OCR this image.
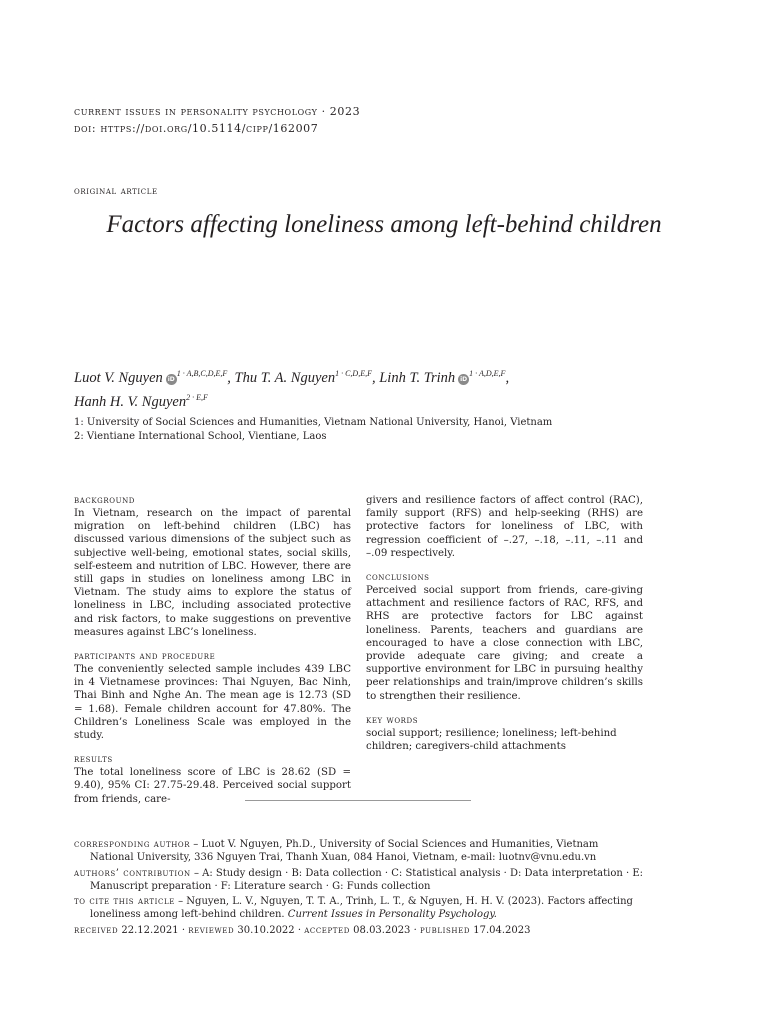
current issues in personality psychology · 2023
doi: https://doi.org/10.5114/cipp/162007
original article
Factors affecting loneliness among left-behind children
Luot V. Nguyen $iD^{1 \cdot A,B,C,D,E,F}$, Thu T. A. Nguyen$^{1 \cdot C,D,E,F}$, Linh T. Trinh $iD^{1 \cdot A,D,E,F}$,
Hanh H. V. Nguyen$^{2 \cdot E,F}$
1: University of Social Sciences and Humanities, Vietnam National University, Hanoi, Vietnam
2: Vientiane International School, Vientiane, Laos
background

In Vietnam, research on the impact of parental migration on left-behind children (LBC) has discussed various dimensions of the subject such as subjective well-being, emotional states, social skills, self-esteem and nutrition of LBC. However, there are still gaps in studies on loneliness among LBC in Vietnam. The study aims to explore the status of loneliness in LBC, including associated protective and risk factors, to make suggestions on preventive measures against LBC’s loneliness.

participants and procedure

The conveniently selected sample includes 439 LBC in 4 Vietnamese provinces: Thai Nguyen, Bac Ninh, Thai Binh and Nghe An. The mean age is 12.73 (SD = 1.68). Female children account for 47.80%. The Children’s Loneliness Scale was employed in the study.

results

The total loneliness score of LBC is 28.62 (SD = 9.40), 95% CI: 27.75-29.48. Perceived social support from friends, care-

givers and resilience factors of affect control (RAC), family support (RFS) and help-seeking (RHS) are protective factors for loneliness of LBC, with regression coefficient of –.27, –.18, –.11, –.11 and –.09 respectively.

conclusions

Perceived social support from friends, care-giving attachment and resilience factors of RAC, RFS, and RHS are protective factors for LBC against loneliness. Parents, teachers and guardians are encouraged to have a close connection with LBC, provide adequate care giving; and create a supportive environment for LBC in pursuing healthy peer relationships and train/improve children’s skills to strengthen their resilience.

key words

social support; resilience; loneliness; left-behind children; caregivers-child attachments

corresponding author – Luot V. Nguyen, Ph.D., University of Social Sciences and Humanities, Vietnam National University, 336 Nguyen Trai, Thanh Xuan, 084 Hanoi, Vietnam, e-mail: luotnv@vnu.edu.vn

authors’ contribution – A: Study design · B: Data collection · C: Statistical analysis · D: Data interpretation · E: Manuscript preparation · F: Literature search · G: Funds collection

to cite this article – Nguyen, L. V., Nguyen, T. T. A., Trinh, L. T., & Nguyen, H. H. V. (2023). Factors affecting loneliness among left-behind children. Current Issues in Personality Psychology.

received 22.12.2021 · reviewed 30.10.2022 · accepted 08.03.2023 · published 17.04.2023
